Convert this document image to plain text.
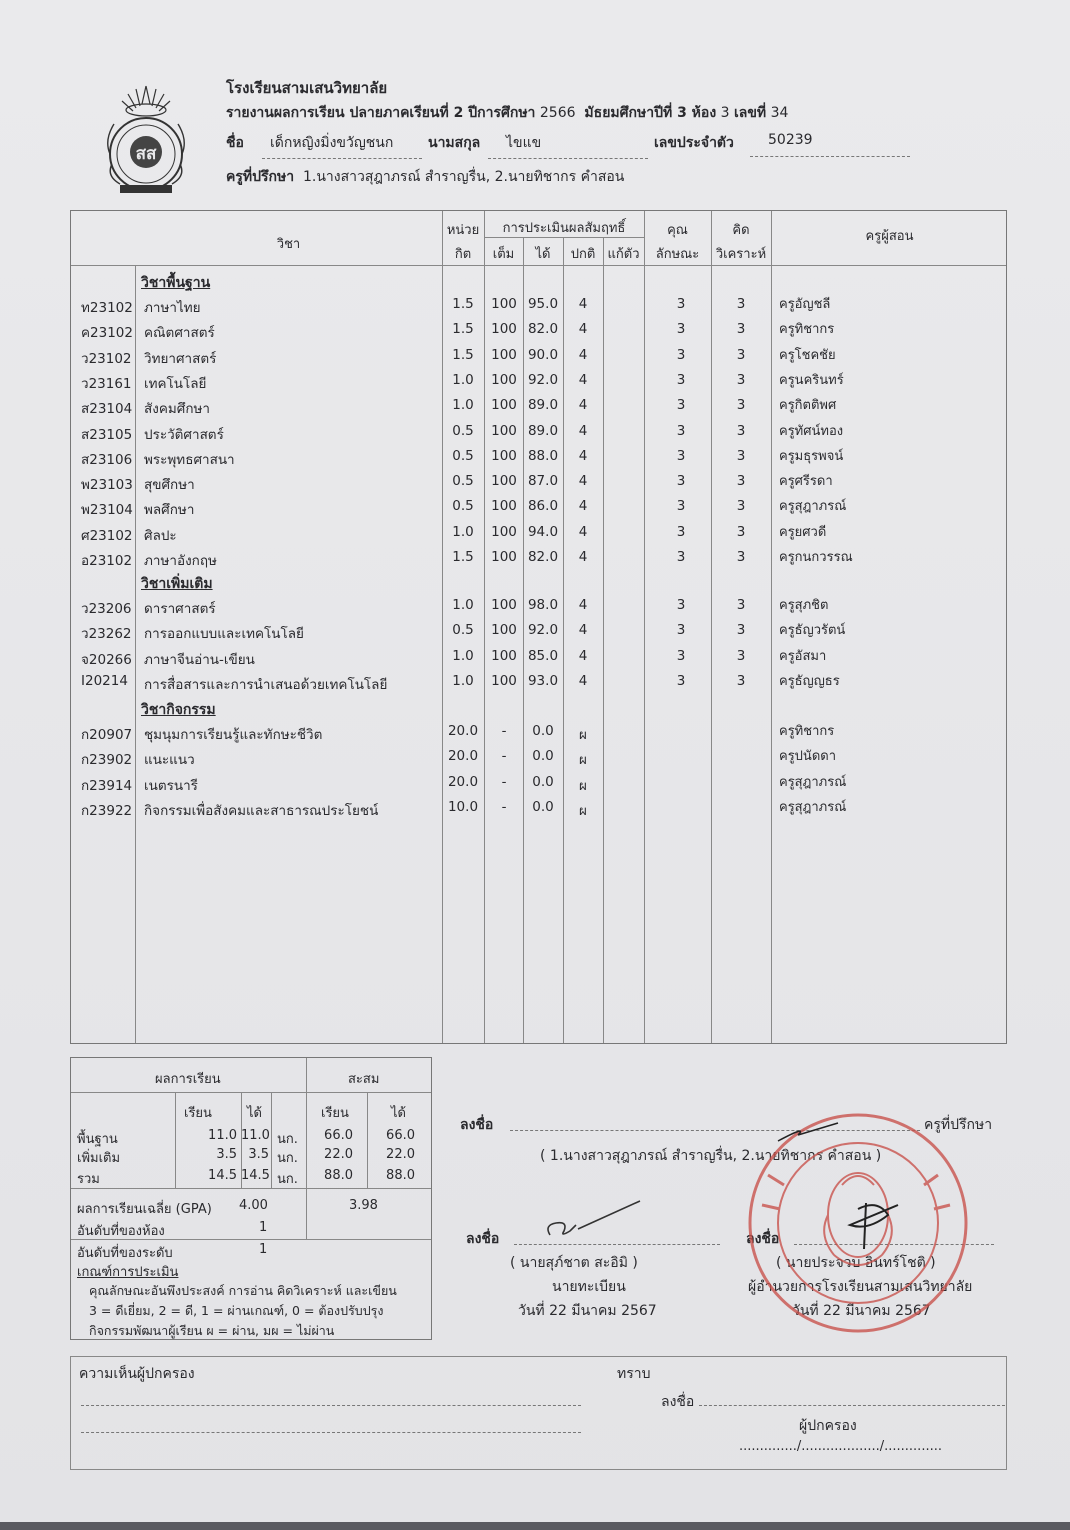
สส
โรงเรียนสามเสนวิทยาลัย
รายงานผลการเรียน ปลายภาคเรียนที่ 2 ปีการศึกษา 2566 มัธยมศึกษาปีที่ 3 ห้อง 3 เลขที่ 34
ชื่อ เด็กหญิงมิ่งขวัญชนก นามสกุล ไขแข	เลขประจำตัว 50239
ครูที่ปรึกษา 1.นางสาวสุฎาภรณ์ สำราญรื่น, 2.นายทิชากร คำสอน
วิชา
หน่วย
กิต
การประเมินผลสัมฤทธิ์
เต็ม	ได้	ปกติ แก้ตัว
คุณ
ลักษณะ
คิด
วิเคราะห์
ครูผู้สอน
วิชาพื้นฐาน
วิชาเพิ่มเติม
วิชากิจกรรม
ท23102 ภาษาไทย	1.5	100 95.0	4	3	3	ครูอัญชลี
ค23102 คณิตศาสตร์	1.5	100 82.0	4	3	3	ครูทิชากร
ว23102 วิทยาศาสตร์	1.5	100 90.0	4	3	3	ครูโชคชัย
ว23161 เทคโนโลยี	1.0	100 92.0	4	3	3	ครูนครินทร์
ส23104 สังคมศึกษา	1.0	100 89.0	4	3	3	ครูกิตติพศ
ส23105 ประวัติศาสตร์	0.5	100 89.0	4	3	3	ครูทัศน์ทอง
ส23106 พระพุทธศาสนา	0.5	100 88.0	4	3	3	ครูมธุรพจน์
พ23103 สุขศึกษา	0.5	100 87.0	4	3	3	ครูศรีรดา
พ23104 พลศึกษา	0.5	100 86.0	4	3	3	ครูสุฎาภรณ์
ศ23102 ศิลปะ	1.0	100 94.0	4	3	3	ครูยศวดี
อ23102 ภาษาอังกฤษ	1.5	100 82.0	4	3	3	ครูกนกวรรณ
ว23206 ดาราศาสตร์	1.0	100 98.0	4	3	3	ครูสุภชิต
ว23262 การออกแบบและเทคโนโลยี	0.5	100 92.0	4	3	3	ครูธัญวรัตน์
จ20266 ภาษาจีนอ่าน-เขียน	1.0	100 85.0	4	3	3	ครูอัสมา
I20214 การสื่อสารและการนำเสนอด้วยเทคโนโลยี	1.0	100 93.0	4	3	3	ครูธัญญธร
ก20907 ชุมนุมการเรียนรู้และทักษะชีวิต	20.0	-	0.0	ผ	ครูทิชากร
ก23902 แนะแนว	20.0	-	0.0	ผ	ครูปนัดดา
ก23914 เนตรนารี	20.0	-	0.0	ผ	ครูสุฎาภรณ์
ก23922 กิจกรรมเพื่อสังคมและสาธารณประโยชน์	10.0	-	0.0	ผ	ครูสุฎาภรณ์
ผลการเรียน	สะสม
เรียน	ได้	เรียน	ได้
พื้นฐาน	11.0 11.0 นก.	66.0	66.0
เพิ่มเติม	3.5 3.5 นก.	22.0	22.0
รวม	14.5 14.5 นก.	88.0	88.0
ผลการเรียนเฉลี่ย (GPA) 4.00	3.98
อันดับที่ของห้อง	1
อันดับที่ของระดับ	1
เกณฑ์การประเมิน
คุณลักษณะอันพึงประสงค์ การอ่าน คิดวิเคราะห์ และเขียน
3 = ดีเยี่ยม, 2 = ดี, 1 = ผ่านเกณฑ์, 0 = ต้องปรับปรุง
กิจกรรมพัฒนาผู้เรียน ผ = ผ่าน, มผ = ไม่ผ่าน
ลงชื่อ	ครูที่ปรึกษา
( 1.นางสาวสุฎาภรณ์ สำราญรื่น, 2.นายทิชากร คำสอน )
ลงชื่อ
( นายสุภ์ชาต สะอิมิ )
นายทะเบียน
วันที่ 22 มีนาคม 2567
ลงชื่อ
( นายประจวบ อินทร์โชติ )
ผู้อำนวยการโรงเรียนสามเสนวิทยาลัย
วันที่ 22 มีนาคม 2567
ความเห็นผู้ปกครอง	ทราบ
ลงชื่อ
ผู้ปกครอง
............../.................../..............
